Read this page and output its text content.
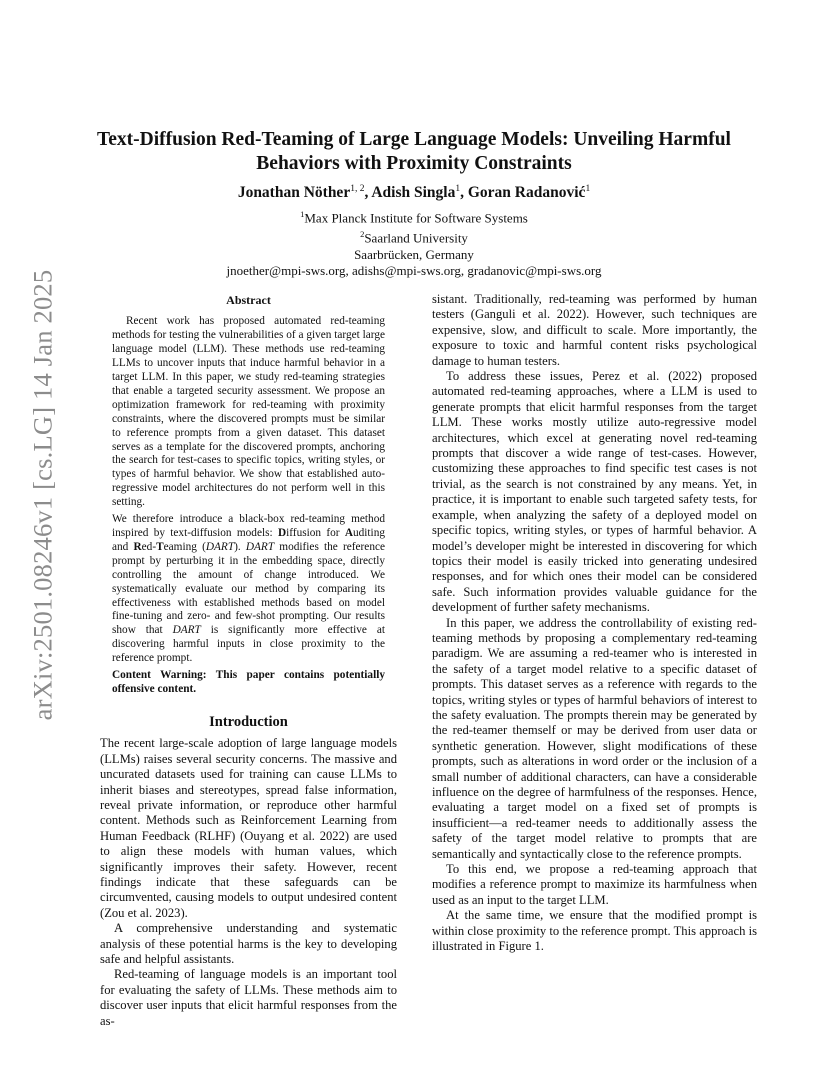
arXiv:2501.08246v1 [cs.LG] 14 Jan 2025
Text-Diffusion Red-Teaming of Large Language Models: Unveiling Harmful
Behaviors with Proximity Constraints
Jonathan Nöther$^{1, 2}$, Adish Singla$^1$, Goran Radanović$^1$
$^1$Max Planck Institute for Software Systems
$^2$Saarland University
Saarbrücken, Germany
jnoether@mpi-sws.org, adishs@mpi-sws.org, gradanovic@mpi-sws.org

Abstract

Recent work has proposed automated red-teaming methods for testing the vulnerabilities of a given target large language model (LLM). These methods use red-teaming LLMs to uncover inputs that induce harmful behavior in a target LLM. In this paper, we study red-teaming strategies that enable a targeted security assessment. We propose an optimization framework for red-teaming with proximity constraints, where the discovered prompts must be similar to reference prompts from a given dataset. This dataset serves as a template for the discovered prompts, anchoring the search for test-cases to specific topics, writing styles, or types of harmful behavior. We show that established auto-regressive model architectures do not perform well in this setting.

We therefore introduce a black-box red-teaming method inspired by text-diffusion models: Diffusion for Auditing and Red-Teaming (DART). DART modifies the reference prompt by perturbing it in the embedding space, directly controlling the amount of change introduced. We systematically evaluate our method by comparing its effectiveness with established methods based on model fine-tuning and zero- and few-shot prompting. Our results show that DART is significantly more effective at discovering harmful inputs in close proximity to the reference prompt.

Content Warning: This paper contains potentially offensive content.

Introduction

The recent large-scale adoption of large language models (LLMs) raises several security concerns. The massive and uncurated datasets used for training can cause LLMs to inherit biases and stereotypes, spread false information, reveal private information, or reproduce other harmful content. Methods such as Reinforcement Learning from Human Feedback (RLHF) (Ouyang et al. 2022) are used to align these models with human values, which significantly improves their safety. However, recent findings indicate that these safeguards can be circumvented, causing models to output undesired content (Zou et al. 2023).

A comprehensive understanding and systematic analysis of these potential harms is the key to developing safe and helpful assistants.

Red-teaming of language models is an important tool for evaluating the safety of LLMs. These methods aim to discover user inputs that elicit harmful responses from the as-

sistant. Traditionally, red-teaming was performed by human testers (Ganguli et al. 2022). However, such techniques are expensive, slow, and difficult to scale. More importantly, the exposure to toxic and harmful content risks psychological damage to human testers.

To address these issues, Perez et al. (2022) proposed automated red-teaming approaches, where a LLM is used to generate prompts that elicit harmful responses from the target LLM. These works mostly utilize auto-regressive model architectures, which excel at generating novel red-teaming prompts that discover a wide range of test-cases. However, customizing these approaches to find specific test cases is not trivial, as the search is not constrained by any means. Yet, in practice, it is important to enable such targeted safety tests, for example, when analyzing the safety of a deployed model on specific topics, writing styles, or types of harmful behavior. A model’s developer might be interested in discovering for which topics their model is easily tricked into generating undesired responses, and for which ones their model can be considered safe. Such information provides valuable guidance for the development of further safety mechanisms.

In this paper, we address the controllability of existing red-teaming methods by proposing a complementary red-teaming paradigm. We are assuming a red-teamer who is interested in the safety of a target model relative to a specific dataset of prompts. This dataset serves as a reference with regards to the topics, writing styles or types of harmful behaviors of interest to the safety evaluation. The prompts therein may be generated by the red-teamer themself or may be derived from user data or synthetic generation. However, slight modifications of these prompts, such as alterations in word order or the inclusion of a small number of additional characters, can have a considerable influence on the degree of harmfulness of the responses. Hence, evaluating a target model on a fixed set of prompts is insufficient—a red-teamer needs to additionally assess the safety of the target model relative to prompts that are semantically and syntactically close to the reference prompts.

To this end, we propose a red-teaming approach that modifies a reference prompt to maximize its harmfulness when used as an input to the target LLM.

At the same time, we ensure that the modified prompt is within close proximity to the reference prompt. This approach is illustrated in Figure 1.
